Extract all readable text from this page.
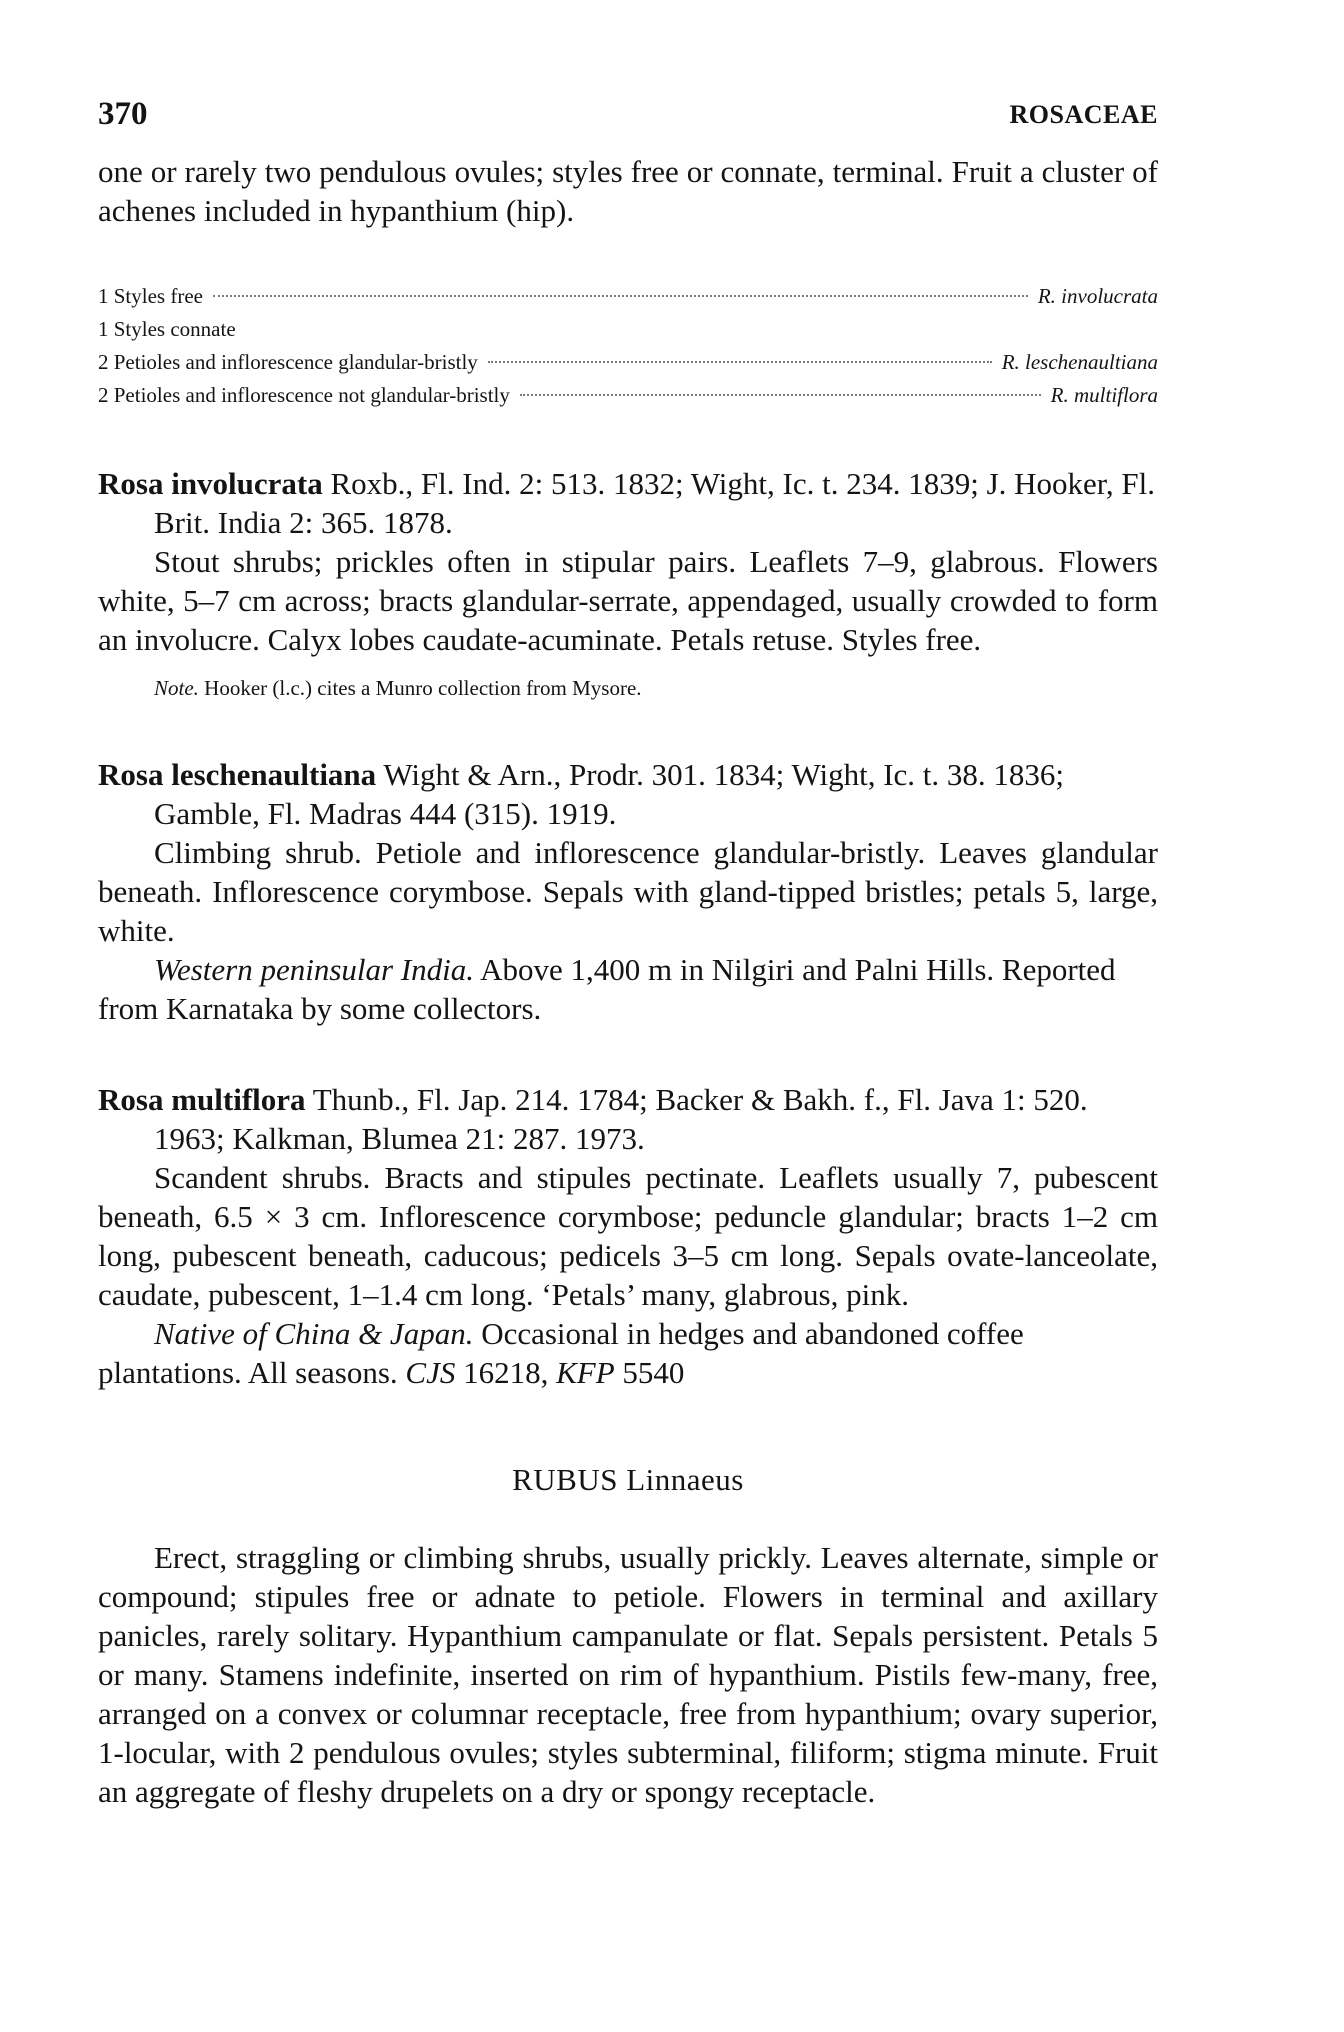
370	ROSACEAE

one or rarely two pendulous ovules; styles free or connate, terminal. Fruit a cluster of achenes included in hypanthium (hip).

1 Styles free	R. involucrata
1 Styles connate
2 Petioles and inflorescence glandular-bristly	R. leschenaultiana
2 Petioles and inflorescence not glandular-bristly	R. multiflora

Rosa involucrata Roxb., Fl. Ind. 2: 513. 1832; Wight, Ic. t. 234. 1839; J. Hooker, Fl. Brit. India 2: 365. 1878.

Stout shrubs; prickles often in stipular pairs. Leaflets 7–9, glabrous. Flowers white, 5–7 cm across; bracts glandular-serrate, appendaged, usually crowded to form an involucre. Calyx lobes caudate-acuminate. Petals retuse. Styles free.

Note. Hooker (l.c.) cites a Munro collection from Mysore.

Rosa leschenaultiana Wight & Arn., Prodr. 301. 1834; Wight, Ic. t. 38. 1836; Gamble, Fl. Madras 444 (315). 1919.

Climbing shrub. Petiole and inflorescence glandular-bristly. Leaves glandular beneath. Inflorescence corymbose. Sepals with gland-tipped bristles; petals 5, large, white.

Western peninsular India. Above 1,400 m in Nilgiri and Palni Hills. Reported from Karnataka by some collectors.

Rosa multiflora Thunb., Fl. Jap. 214. 1784; Backer & Bakh. f., Fl. Java 1: 520. 1963; Kalkman, Blumea 21: 287. 1973.

Scandent shrubs. Bracts and stipules pectinate. Leaflets usually 7, pubescent beneath, 6.5 × 3 cm. Inflorescence corymbose; peduncle glandular; bracts 1–2 cm long, pubescent beneath, caducous; pedicels 3–5 cm long. Sepals ovate-lanceolate, caudate, pubescent, 1–1.4 cm long. ‘Petals’ many, glabrous, pink.

Native of China & Japan. Occasional in hedges and abandoned coffee plantations. All seasons. CJS 16218, KFP 5540

RUBUS Linnaeus

Erect, straggling or climbing shrubs, usually prickly. Leaves alternate, simple or compound; stipules free or adnate to petiole. Flowers in terminal and axillary panicles, rarely solitary. Hypanthium campanulate or flat. Sepals persistent. Petals 5 or many. Stamens indefinite, inserted on rim of hypanthium. Pistils few-many, free, arranged on a convex or columnar receptacle, free from hypanthium; ovary superior, 1-locular, with 2 pendulous ovules; styles subterminal, filiform; stigma minute. Fruit an aggregate of fleshy drupelets on a dry or spongy receptacle.
